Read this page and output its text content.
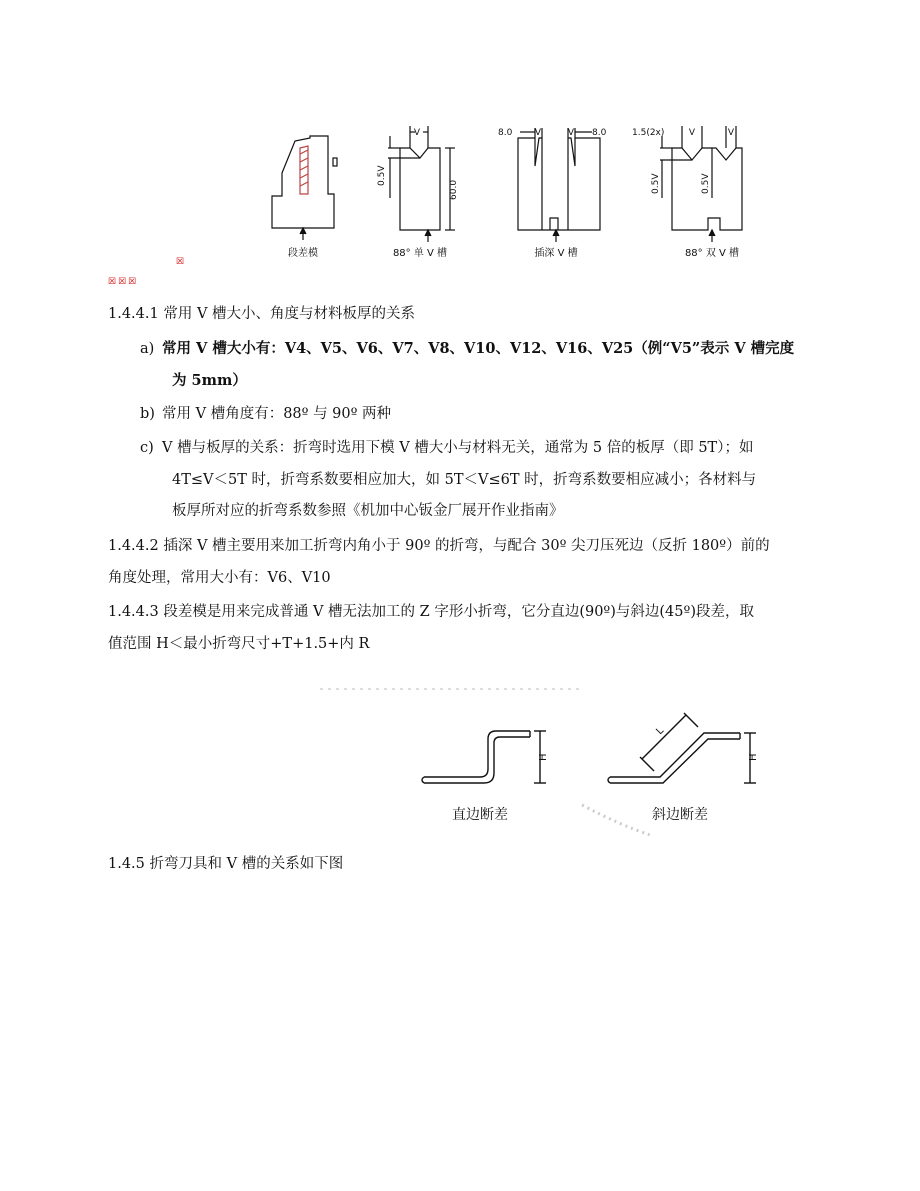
V
0.5V
60.0
8.0	V	V 8.0	1.5(2x)	V	V
0.5V	0.5V
段差模	88° 单 V 槽	插深 V 槽	88° 双 V 槽
☒
☒☒☒
1.4.4.1 常用 V 槽大小、角度与材料板厚的关系
a) 常用 V 槽大小有：V4、V5、V6、V7、V8、V10、V12、V16、V25（例“V5”表示 V 槽完度
为 5mm）
b) 常用 V 槽角度有：88º 与 90º 两种
c) V 槽与板厚的关系：折弯时选用下模 V 槽大小与材料无关，通常为 5 倍的板厚（即 5T）；如
4T≤V＜5T 时，折弯系数要相应加大，如 5T＜V≤6T 时，折弯系数要相应减小；各材料与
板厚所对应的折弯系数参照《机加中心钣金厂展开作业指南》
1.4.4.2 插深 V 槽主要用来加工折弯内角小于 90º 的折弯，与配合 30º 尖刀压死边（反折 180º）前的
角度处理，常用大小有：V6、V10
1.4.4.3 段差模是用来完成普通 V 槽无法加工的 Z 字形小折弯，它分直边(90º)与斜边(45º)段差，取
值范围 H＜最小折弯尺寸+T+1.5+内 R
H	H
L
直边断差	斜边断差
1.4.5 折弯刀具和 V 槽的关系如下图
